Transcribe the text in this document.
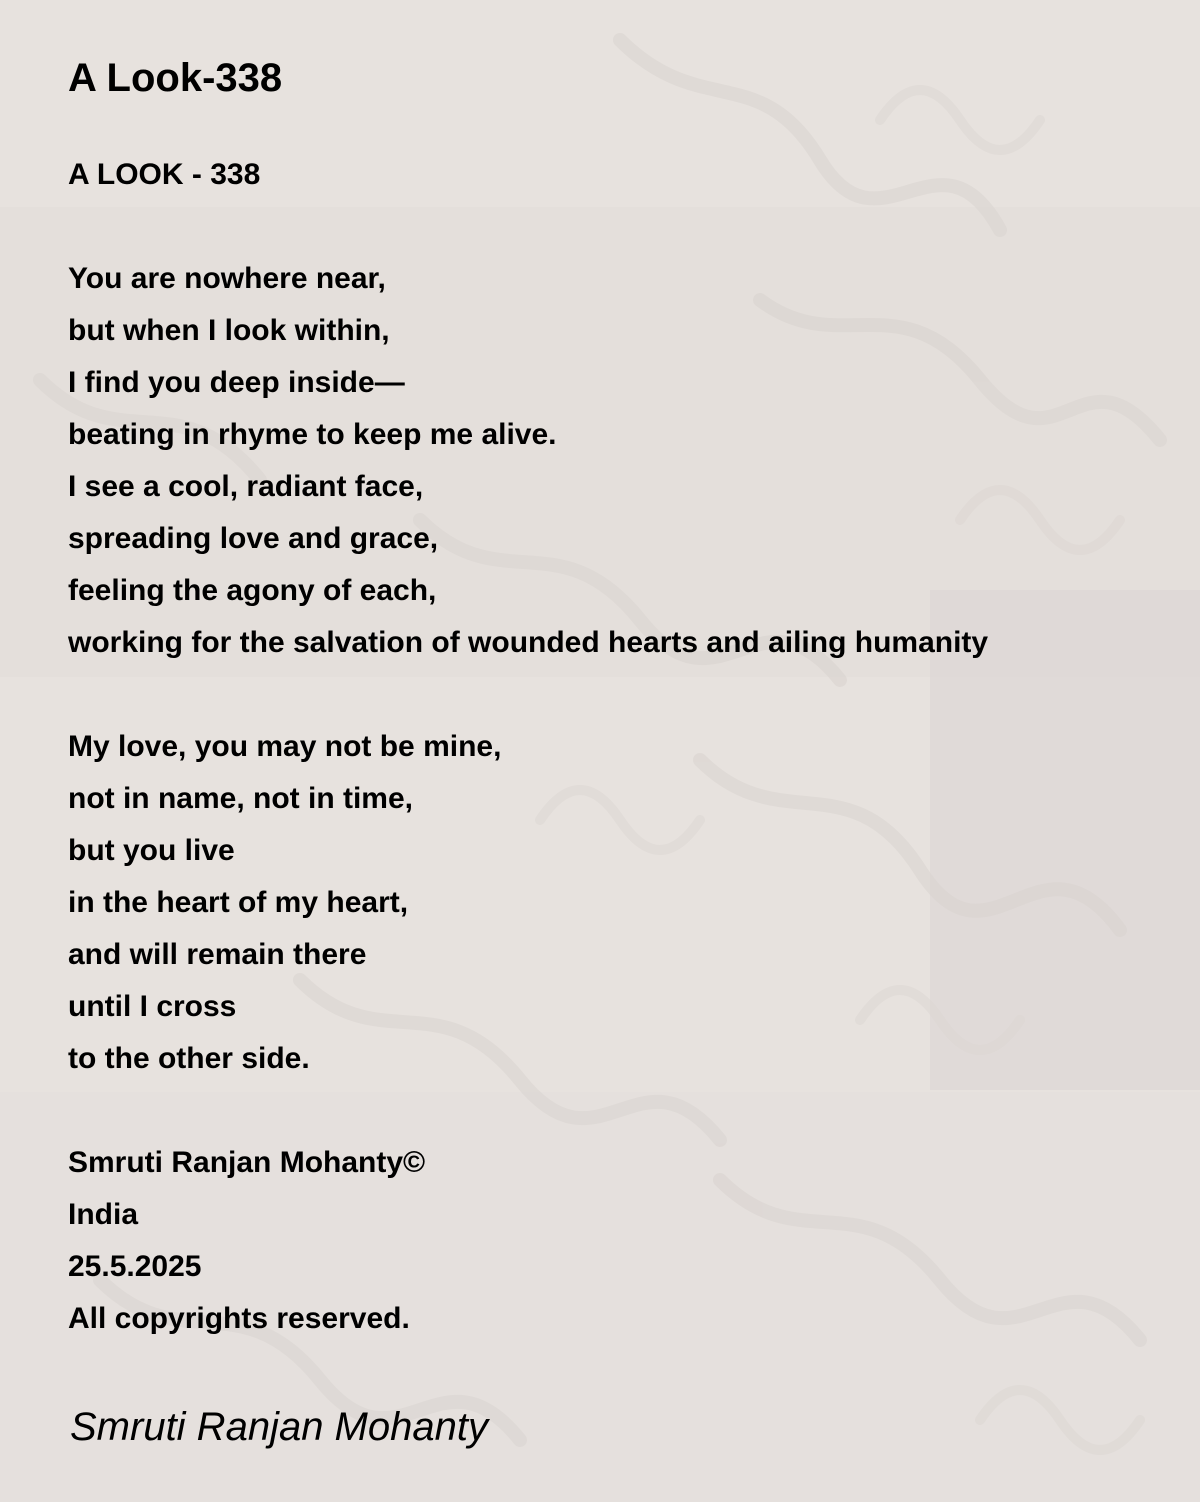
A Look-338
A LOOK - 338
You are nowhere near,
but when I look within,
I find you deep inside—
beating in rhyme to keep me alive.
I see a cool, radiant face,
spreading love and grace,
feeling the agony of each,
working for the salvation of wounded hearts and ailing humanity
My love, you may not be mine,
not in name, not in time,
but you live
in the heart of my heart,
and will remain there
until I cross
to the other side.
Smruti Ranjan Mohanty©
India
25.5.2025
All copyrights reserved.
Smruti Ranjan Mohanty
